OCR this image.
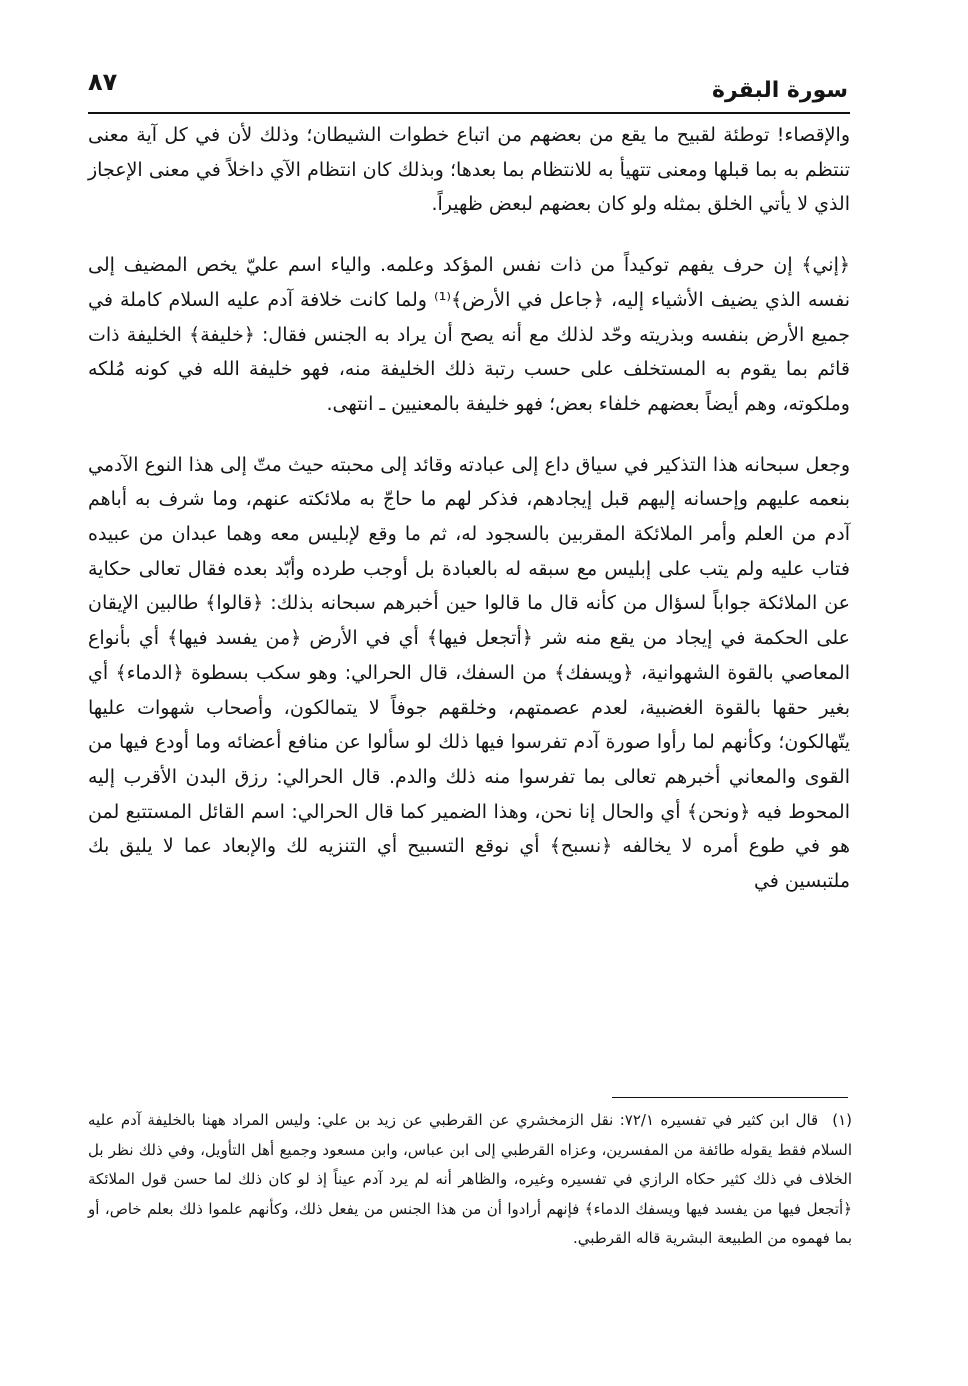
سورة البقرة
٨٧

والإقصاء! توطئة لقبيح ما يقع من بعضهم من اتباع خطوات الشيطان؛ وذلك لأن في كل آية معنى تنتظم به بما قبلها ومعنى تتهيأ به للانتظام بما بعدها؛ وبذلك كان انتظام الآي داخلاً في معنى الإعجاز الذي لا يأتي الخلق بمثله ولو كان بعضهم لبعض ظهيراً.

﴿إني﴾ إن حرف يفهم توكيداً من ذات نفس المؤكد وعلمه. والياء اسم عليّ يخص المضيف إلى نفسه الذي يضيف الأشياء إليه، ﴿جاعل في الأرض﴾⁽¹⁾ ولما كانت خلافة آدم عليه السلام كاملة في جميع الأرض بنفسه وبذريته وحّد لذلك مع أنه يصح أن يراد به الجنس فقال: ﴿خليفة﴾ الخليفة ذات قائم بما يقوم به المستخلف على حسب رتبة ذلك الخليفة منه، فهو خليفة الله في كونه مُلكه وملكوته، وهم أيضاً بعضهم خلفاء بعض؛ فهو خليفة بالمعنيين ـ انتهى.

وجعل سبحانه هذا التذكير في سياق داع إلى عبادته وقائد إلى محبته حيث متّ إلى هذا النوع الآدمي بنعمه عليهم وإحسانه إليهم قبل إيجادهم، فذكر لهم ما حاجّ به ملائكته عنهم، وما شرف به أباهم آدم من العلم وأمر الملائكة المقربين بالسجود له، ثم ما وقع لإبليس معه وهما عبدان من عبيده فتاب عليه ولم يتب على إبليس مع سبقه له بالعبادة بل أوجب طرده وأبّد بعده فقال تعالى حكاية عن الملائكة جواباً لسؤال من كأنه قال ما قالوا حين أخبرهم سبحانه بذلك: ﴿قالوا﴾ طالبين الإيقان على الحكمة في إيجاد من يقع منه شر ﴿أتجعل فيها﴾ أي في الأرض ﴿من يفسد فيها﴾ أي بأنواع المعاصي بالقوة الشهوانية، ﴿ويسفك﴾ من السفك، قال الحرالي: وهو سكب بسطوة ﴿الدماء﴾ أي بغير حقها بالقوة الغضبية، لعدم عصمتهم، وخلقهم جوفاً لا يتمالكون، وأصحاب شهوات عليها يتّهالكون؛ وكأنهم لما رأوا صورة آدم تفرسوا فيها ذلك لو سألوا عن منافع أعضائه وما أودع فيها من القوى والمعاني أخبرهم تعالى بما تفرسوا منه ذلك والدم. قال الحرالي: رزق البدن الأقرب إليه المحوط فيه ﴿ونحن﴾ أي والحال إنا نحن، وهذا الضمير كما قال الحرالي: اسم القائل المستتبع لمن هو في طوع أمره لا يخالفه ﴿نسبح﴾ أي نوقع التسبيح أي التنزيه لك والإبعاد عما لا يليق بك ملتبسين في

(١)قال ابن كثير في تفسيره ٧٢/١: نقل الزمخشري عن القرطبي عن زيد بن علي: وليس المراد ههنا بالخليفة آدم عليه السلام فقط يقوله طائفة من المفسرين، وعزاه القرطبي إلى ابن عباس، وابن مسعود وجميع أهل التأويل، وفي ذلك نظر بل الخلاف في ذلك كثير حكاه الرازي في تفسيره وغيره، والظاهر أنه لم يرد آدم عيناً إذ لو كان ذلك لما حسن قول الملائكة ﴿أتجعل فيها من يفسد فيها ويسفك الدماء﴾ فإنهم أرادوا أن من هذا الجنس من يفعل ذلك، وكأنهم علموا ذلك بعلم خاص، أو بما فهموه من الطبيعة البشرية قاله القرطبي.
